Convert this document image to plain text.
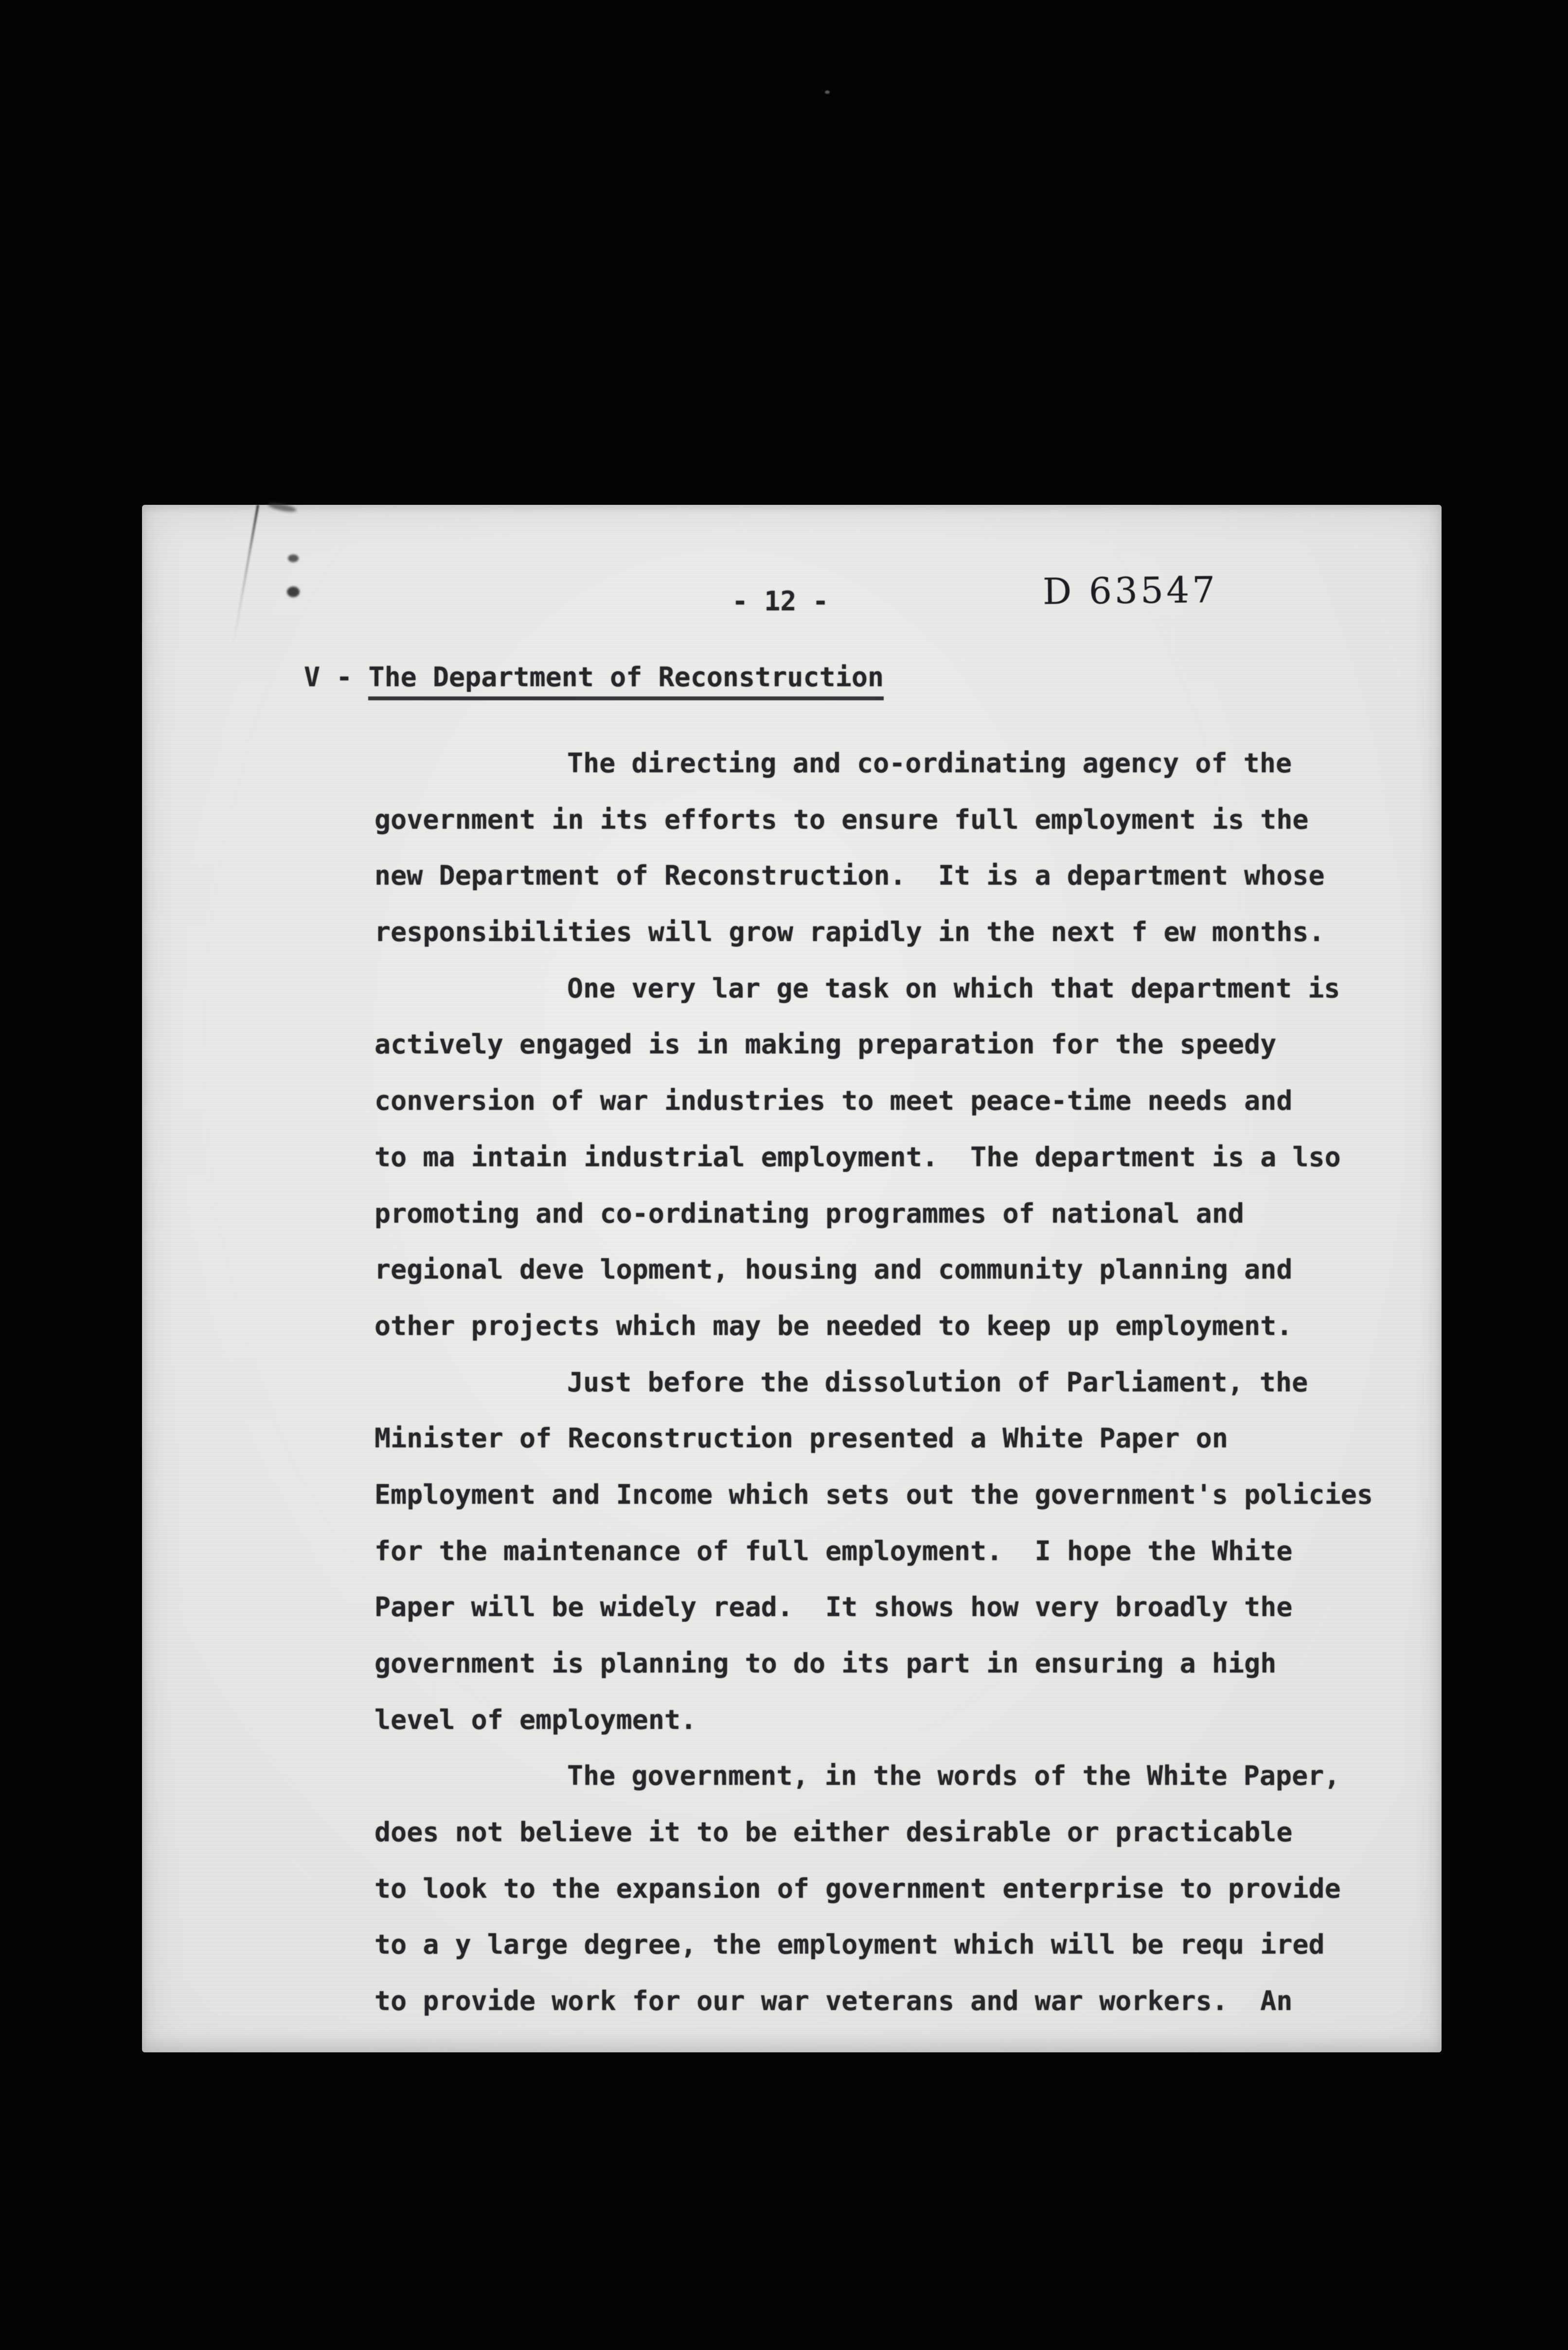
- 12 -	D 63547
V - The Department of Reconstruction
The directing and co-ordinating agency of the
government in its efforts to ensure full employment is the
new Department of Reconstruction.  It is a department whose
responsibilities will grow rapidly in the next f ew months.
One very lar ge task on which that department is
actively engaged is in making preparation for the speedy
conversion of war industries to meet peace-time needs and
to ma intain industrial employment.  The department is a lso
promoting and co-ordinating programmes of national and
regional deve lopment, housing and community planning and
other projects which may be needed to keep up employment.
Just before the dissolution of Parliament, the
Minister of Reconstruction presented a White Paper on
Employment and Income which sets out the government's policies
for the maintenance of full employment.  I hope the White
Paper will be widely read.  It shows how very broadly the
government is planning to do its part in ensuring a high
level of employment.
The government, in the words of the White Paper,
does not believe it to be either desirable or practicable
to look to the expansion of government enterprise to provide
to a y large degree, the employment which will be requ ired
to provide work for our war veterans and war workers.  An
